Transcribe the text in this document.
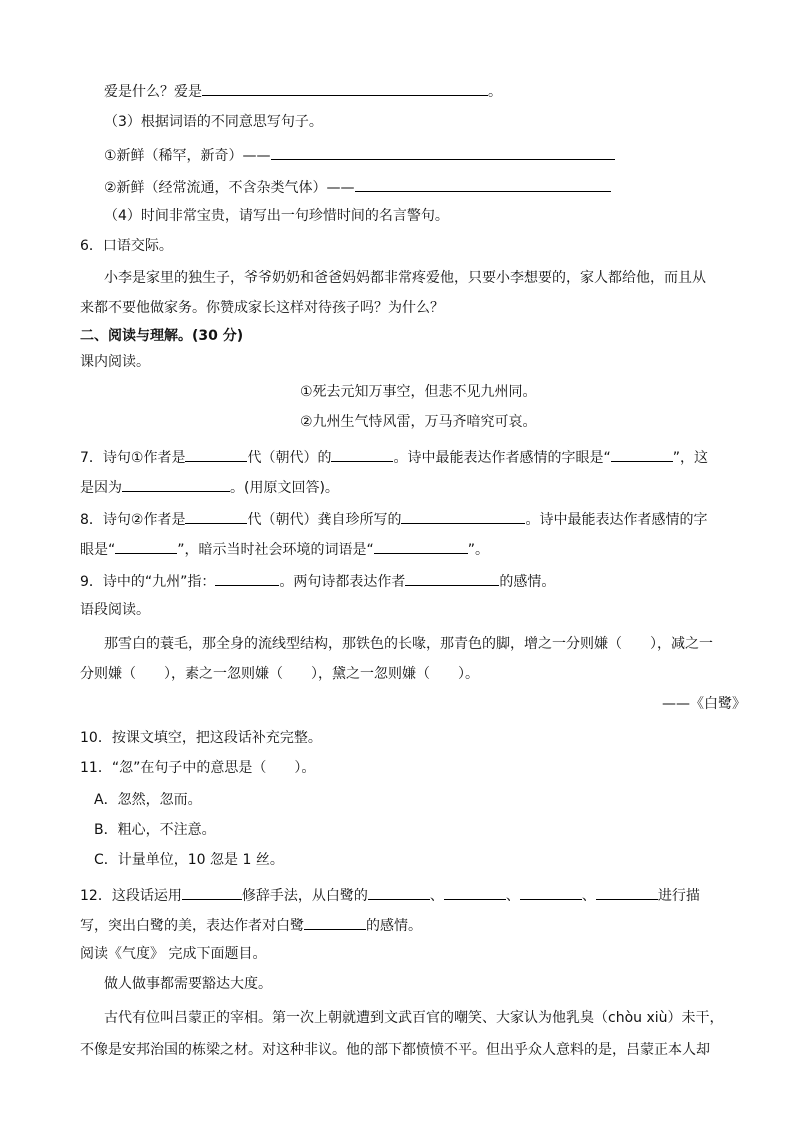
爱是什么？爱是	。
（3）根据词语的不同意思写句子。
①新鲜（稀罕，新奇）——
②新鲜（经常流通，不含杂类气体）——
（4）时间非常宝贵，请写出一句珍惜时间的名言警句。
6．口语交际。
小李是家里的独生子，爷爷奶奶和爸爸妈妈都非常疼爱他，只要小李想要的，家人都给他，而且从
来都不要他做家务。你赞成家长这样对待孩子吗？为什么？
二、阅读与理解。(30 分)
课内阅读。
①死去元知万事空，但悲不见九州同。
②九州生气恃风雷，万马齐喑究可哀。
7．诗句①作者是	代（朝代）的	。诗中最能表达作者感情的字眼是“	”，这
是因为	。(用原文回答)。
8．诗句②作者是	代（朝代）龚自珍所写的	。诗中最能表达作者感情的字
眼是“	”，暗示当时社会环境的词语是“	”。
9．诗中的“九州”指：	。两句诗都表达作者	的感情。
语段阅读。
那雪白的蓑毛，那全身的流线型结构，那铁色的长喙，那青色的脚，增之一分则嫌（　　），减之一
分则嫌（　　），素之一忽则嫌（　　），黛之一忽则嫌（　　）。
——《白鹭》
10．按课文填空，把这段话补充完整。
11．“忽”在句子中的意思是（　　）。
A．忽然，忽而。
B．粗心，不注意。
C．计量单位，10 忽是 1 丝。
12．这段话运用	修辞手法，从白鹭的	、	、	、	进行描
写，突出白鹭的美，表达作者对白鹭	的感情。
阅读《气度》 完成下面题目。
做人做事都需要豁达大度。
古代有位叫吕蒙正的宰相。第一次上朝就遭到文武百官的嘲笑、大家认为他乳臭（chòu xiù）未干，
不像是安邦治国的栋梁之材。对这种非议。他的部下都愤愤不平。但出乎众人意料的是，吕蒙正本人却
